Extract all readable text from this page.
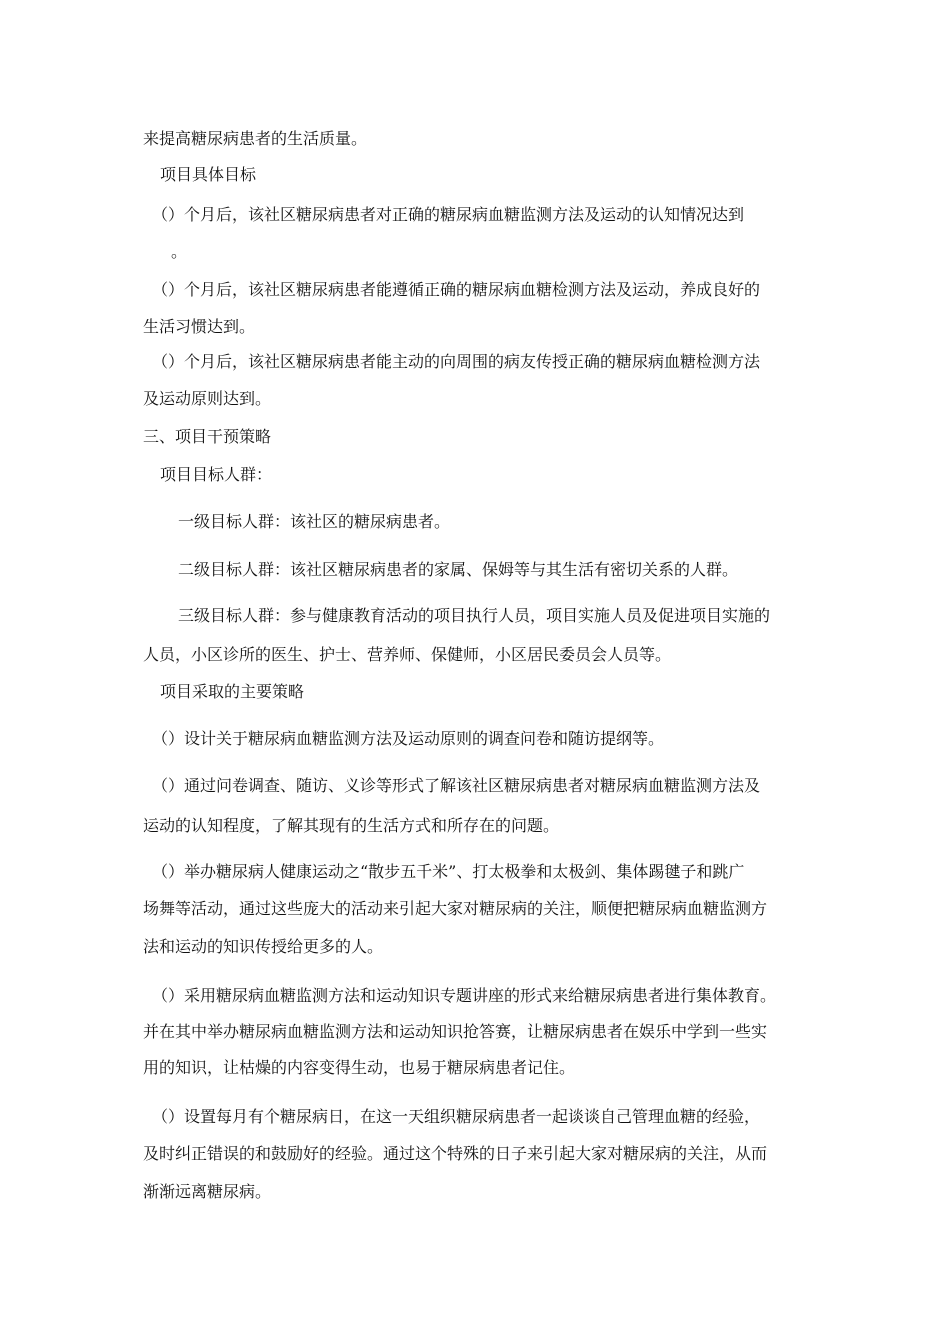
来提高糖尿病患者的生活质量。
项目具体目标
（）个月后，该社区糖尿病患者对正确的糖尿病血糖监测方法及运动的认知情况达到
。
（）个月后，该社区糖尿病患者能遵循正确的糖尿病血糖检测方法及运动，养成良好的
生活习惯达到。
（）个月后，该社区糖尿病患者能主动的向周围的病友传授正确的糖尿病血糖检测方法
及运动原则达到。
三、项目干预策略
项目目标人群：
一级目标人群：该社区的糖尿病患者。
二级目标人群：该社区糖尿病患者的家属、保姆等与其生活有密切关系的人群。
三级目标人群：参与健康教育活动的项目执行人员，项目实施人员及促进项目实施的
人员，小区诊所的医生、护士、营养师、保健师，小区居民委员会人员等。
项目采取的主要策略
（）设计关于糖尿病血糖监测方法及运动原则的调查问卷和随访提纲等。
（）通过问卷调查、随访、义诊等形式了解该社区糖尿病患者对糖尿病血糖监测方法及
运动的认知程度，了解其现有的生活方式和所存在的问题。
（）举办糖尿病人健康运动之“散步五千米”、打太极拳和太极剑、集体踢毽子和跳广
场舞等活动，通过这些庞大的活动来引起大家对糖尿病的关注，顺便把糖尿病血糖监测方
法和运动的知识传授给更多的人。
（）采用糖尿病血糖监测方法和运动知识专题讲座的形式来给糖尿病患者进行集体教育。
并在其中举办糖尿病血糖监测方法和运动知识抢答赛，让糖尿病患者在娱乐中学到一些实
用的知识，让枯燥的内容变得生动，也易于糖尿病患者记住。
（）设置每月有个糖尿病日，在这一天组织糖尿病患者一起谈谈自己管理血糖的经验，
及时纠正错误的和鼓励好的经验。通过这个特殊的日子来引起大家对糖尿病的关注，从而
渐渐远离糖尿病。
